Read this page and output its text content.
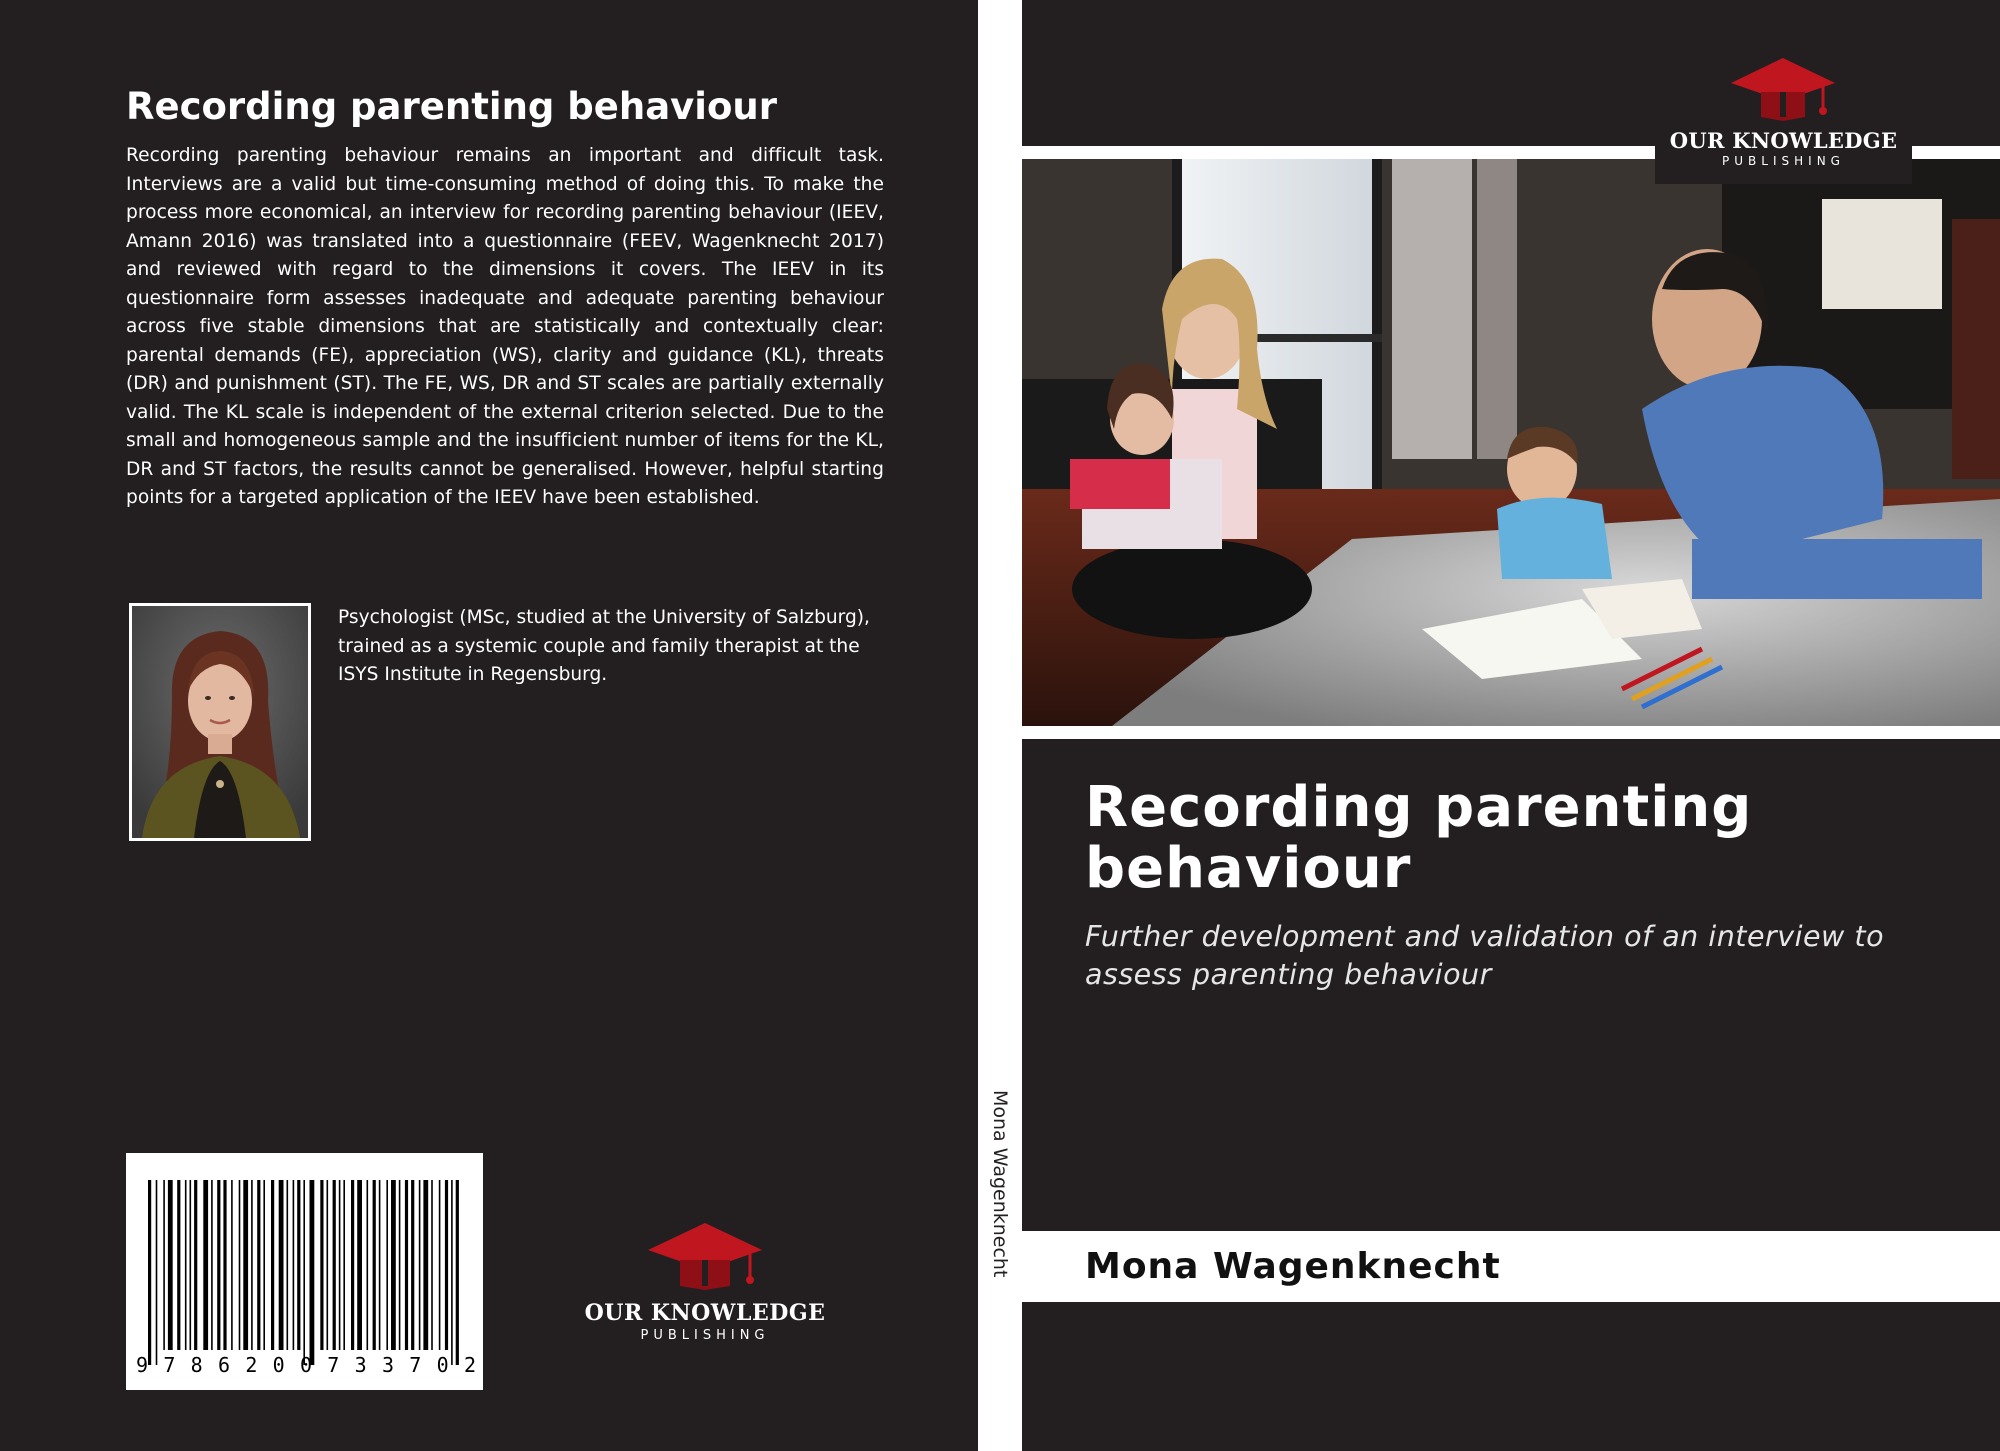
Recording parenting behaviour

Recording parenting behaviour remains an important and difficult task. Interviews are a valid but time-consuming method of doing this. To make the process more economical, an interview for recording parenting behaviour (IEEV, Amann 2016) was translated into a questionnaire (FEEV, Wagenknecht 2017) and reviewed with regard to the dimensions it covers. The IEEV in its questionnaire form assesses inadequate and adequate parenting behaviour across five stable dimensions that are statistically and contextually clear: parental demands (FE), appreciation (WS), clarity and guidance (KL), threats (DR) and punishment (ST). The FE, WS, DR and ST scales are partially externally valid. The KL scale is independent of the external criterion selected. Due to the small and homogeneous sample and the insufficient number of items for the KL, DR and ST factors, the results cannot be generalised. However, helpful starting points for a targeted application of the IEEV have been established.

Psychologist (MSc, studied at the University of Salzburg), trained as a systemic couple and family therapist at the ISYS Institute in Regensburg.

9 7 8 6 2 0 0 7 3 3 7 0 2
OUR KNOWLEDGE
PUBLISHING
Mona Wagenknecht
OUR KNOWLEDGE
PUBLISHING
Recording parenting behaviour
Further development and validation of an interview to assess parenting behaviour
Mona Wagenknecht
